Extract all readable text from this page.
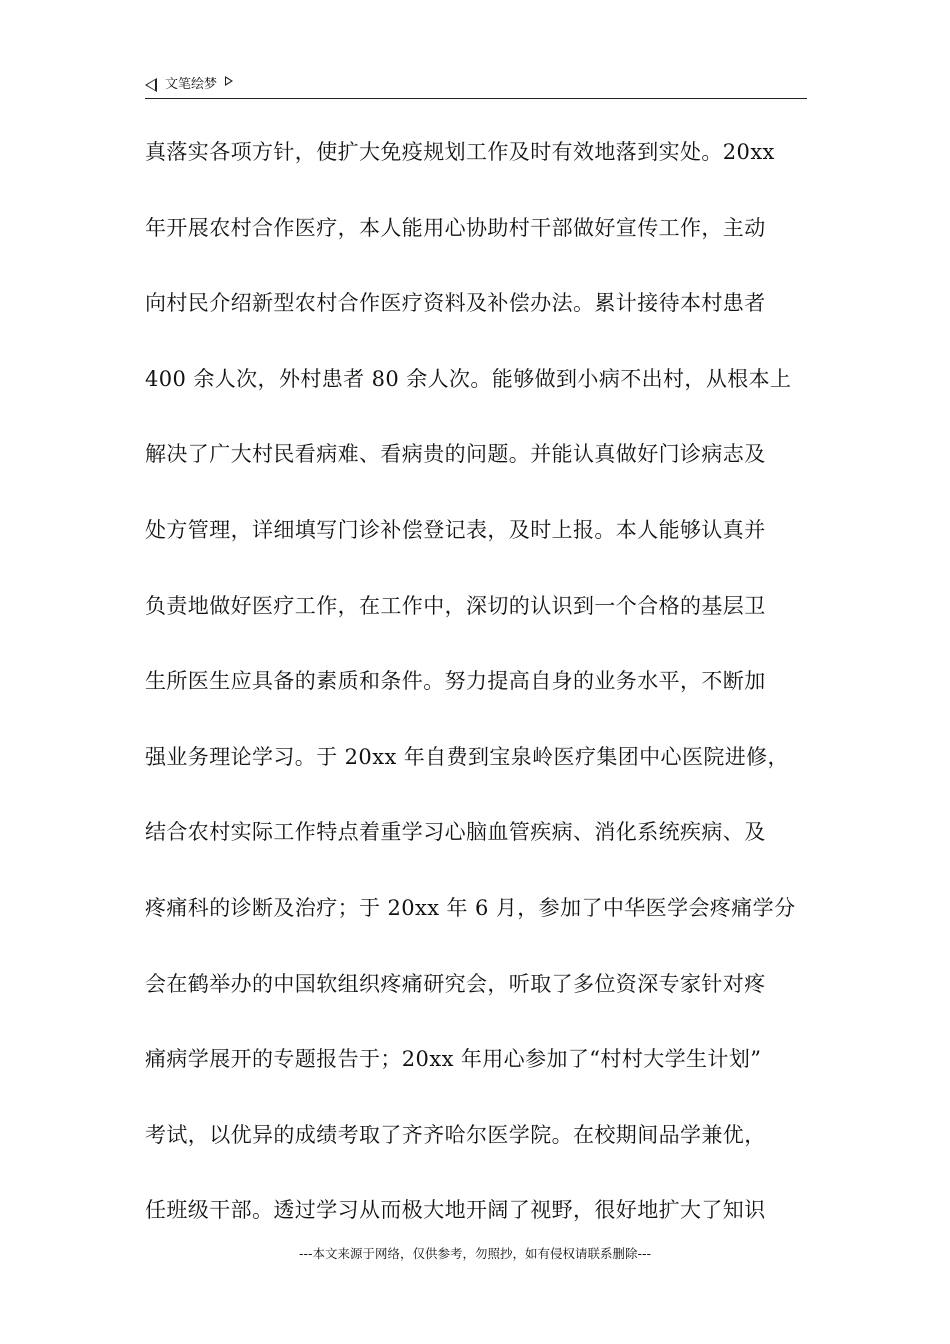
文笔绘梦
真落实各项方针，使扩大免疫规划工作及时有效地落到实处。20xx
年开展农村合作医疗，本人能用心协助村干部做好宣传工作，主动
向村民介绍新型农村合作医疗资料及补偿办法。累计接待本村患者
400 余人次，外村患者 80 余人次。能够做到小病不出村，从根本上
解决了广大村民看病难、看病贵的问题。并能认真做好门诊病志及
处方管理，详细填写门诊补偿登记表，及时上报。本人能够认真并
负责地做好医疗工作，在工作中，深切的认识到一个合格的基层卫
生所医生应具备的素质和条件。努力提高自身的业务水平，不断加
强业务理论学习。于 20xx 年自费到宝泉岭医疗集团中心医院进修，
结合农村实际工作特点着重学习心脑血管疾病、消化系统疾病、及
疼痛科的诊断及治疗；于 20xx 年 6 月，参加了中华医学会疼痛学分
会在鹤举办的中国软组织疼痛研究会，听取了多位资深专家针对疼
痛病学展开的专题报告于；20xx 年用心参加了“村村大学生计划”
考试，以优异的成绩考取了齐齐哈尔医学院。在校期间品学兼优，
任班级干部。透过学习从而极大地开阔了视野，很好地扩大了知识
---本文来源于网络，仅供参考，勿照抄，如有侵权请联系删除---
